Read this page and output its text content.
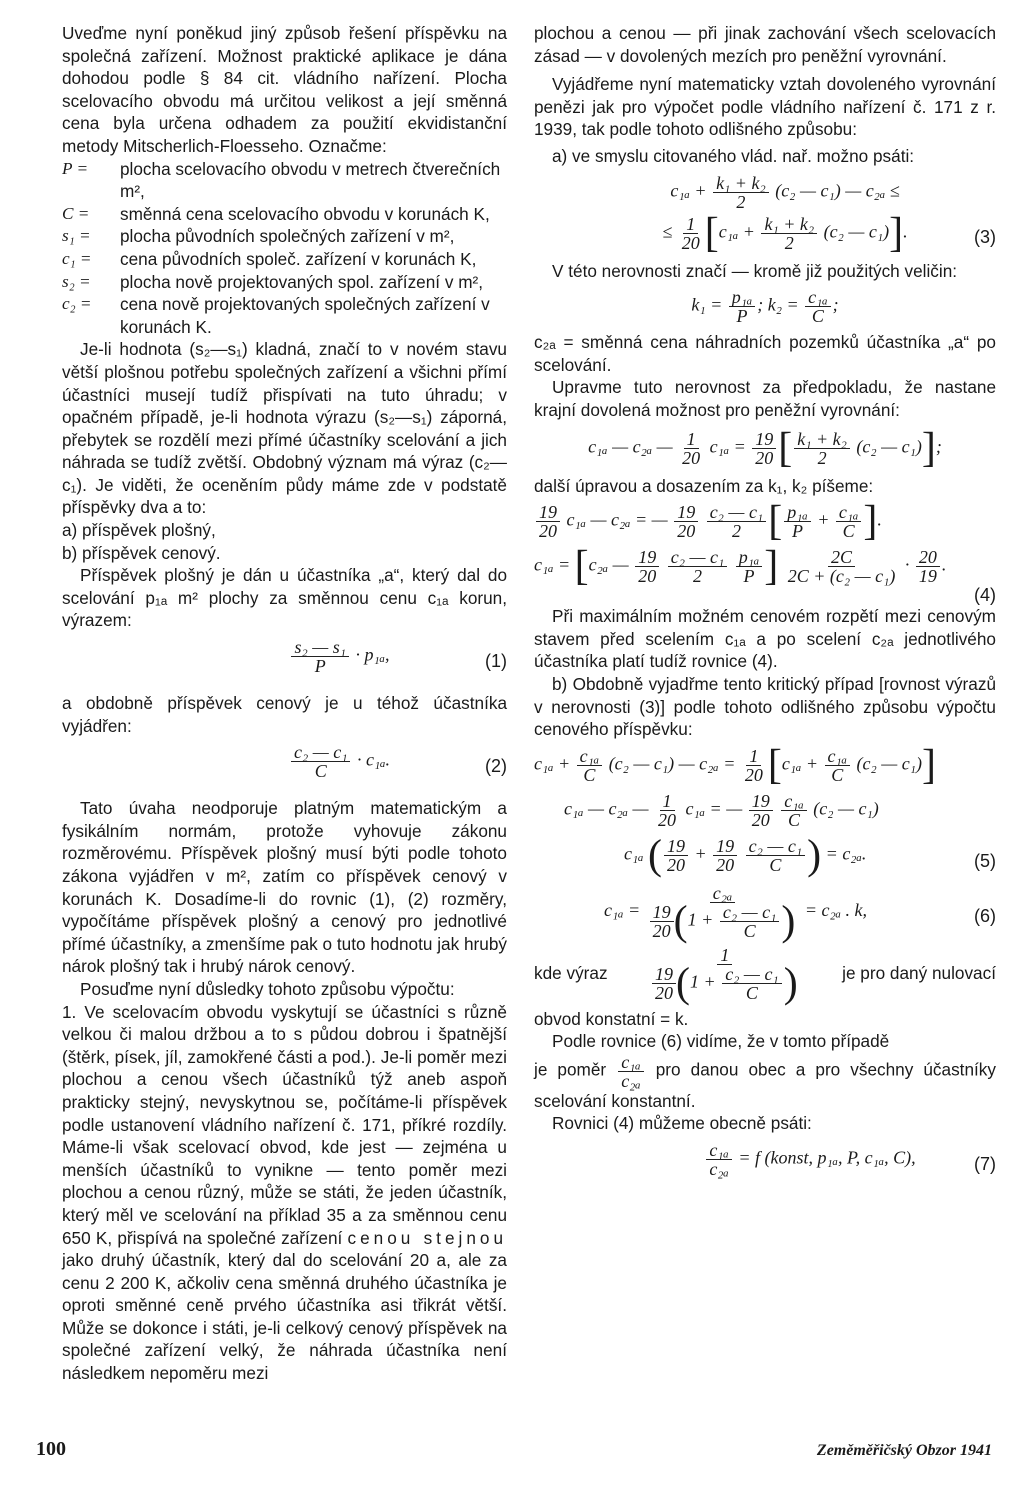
Uveďme nyní poněkud jiný způsob řešení příspěvku na společná zařízení. Možnost praktické aplikace je dána dohodou podle § 84 cit. vládního nařízení. Plocha scelovacího obvodu má určitou velikost a její směnná cena byla určena odhadem za použití ekvidistanční metody Mitscherlich-Floesseho. Označme:

P =	plocha scelovacího obvodu v metrech čtverečních m²,
C =	směnná cena scelovacího obvodu v korunách K,
s₁ =	plocha původních společných zařízení v m²,
c₁ =	cena původních společ. zařízení v korunách K,
s₂ =	plocha nově projektovaných spol. zařízení v m²,
c₂ =	cena nově projektovaných společných zařízení v korunách K.

Je-li hodnota (s₂—s₁) kladná, značí to v novém stavu větší plošnou potřebu společných zařízení a všichni přímí účastníci musejí tudíž přispívati na tuto úhradu; v opačném případě, je-li hodnota výrazu (s₂—s₁) záporná, přebytek se rozdělí mezi přímé účastníky scelování a jich náhrada se tudíž zvětší. Obdobný význam má výraz (c₂—c₁). Je viděti, že oceněním půdy máme zde v podstatě příspěvky dva a to:

a) příspěvek plošný,

b) příspěvek cenový.

Příspěvek plošný je dán u účastníka „a“, který dal do scelování p₁ₐ m² plochy za směnnou cenu c₁ₐ korun, výrazem:

$\frac{\text{s₂ — s₁}}{P} \cdot p_{1a}$,	(1)

a obdobně příspěvek cenový je u téhož účastníka vyjádřen:

$\frac{\text{c₂ — c₁}}{C} \cdot c_{1a}$.	(2)

Tato úvaha neodporuje platným matematickým a fysikálním normám, protože vyhovuje zákonu rozměrovému. Příspěvek plošný musí býti podle tohoto zákona vyjádřen v m², zatím co příspěvek cenový v korunách K. Dosadíme-li do rovnic (1), (2) rozměry, vypočítáme příspěvek plošný a cenový pro jednotlivé přímé účastníky, a zmenšíme pak o tuto hodnotu jak hrubý nárok plošný tak i hrubý nárok cenový.

Posuďme nyní důsledky tohoto způsobu výpočtu:

1. Ve scelovacím obvodu vyskytují se účastníci s různě velkou či malou držbou a to s půdou dobrou i špatnější (štěrk, písek, jíl, zamokřené části a pod.). Je-li poměr mezi plochou a cenou všech účastníků týž aneb aspoň prakticky stejný, nevyskytnou se, počítáme-li příspěvek podle ustanovení vládního nařízení č. 171, příkré rozdíly. Máme-li však scelovací obvod, kde jest — zejména u menších účastníků to vynikne — tento poměr mezi plochou a cenou různý, může se státi, že jeden účastník, který měl ve scelování na příklad 35 a za směnnou cenu 650 K, přispívá na společné zařízení cenou stejnou jako druhý účastník, který dal do scelování 20 a, ale za cenu 2 200 K, ačkoliv cena směnná druhého účastníka je oproti směnné ceně prvého účastníka asi třikrát větší. Může se dokonce i státi, je-li celkový cenový příspěvek na společné zařízení velký, že náhrada účastníka není následkem nepoměru mezi

plochou a cenou — při jinak zachování všech scelovacích zásad — v dovolených mezích pro peněžní vyrovnání.

Vyjádřeme nyní matematicky vztah dovoleného vyrovnání penězi jak pro výpočet podle vládního nařízení č. 171 z r. 1939, tak podle tohoto odlišného způsobu:

a) ve smyslu citovaného vlád. nař. možno psáti:

$c_{1a} + \frac{\text{k₁ + k₂}}{2} (c_2$ — c₁) — c₂ₐ ≤
≤ $\frac{1}{20} [c_{1a} + \frac{\text{k₁ + k₂}}{2} (c_2$ — c₁)].	(3)

V této nerovnosti značí — kromě již použitých veličin:

$k_1 = \frac{\text{p₁ₐ}}{P}$ ; $k_2 = \frac{\text{c₁ₐ}}{C}$ ;

c₂ₐ = směnná cena náhradních pozemků účastníka „a“ po scelování.

Upravme tuto nerovnost za předpokladu, že nastane krajní dovolená možnost pro peněžní vyrovnání:

c₁ₐ — c₂ₐ — $\frac{1}{20} c_{1a} = \frac{19}{20}$ [ $\frac{\text{k₁ + k₂}}{2} (c_2$ — c₁)];

další úpravou a dosazením za k₁, k₂ píšeme:

$\frac{19}{20} c_{1a}$ — c₂ₐ = — $\frac{19}{20}$
$\frac{\text{c₂ — c₁}}{2}$ [ $\frac{\text{p₁ₐ}}{P} + \frac{\text{c₁ₐ}}{C}$ ].
c₁ₐ = [c₂ₐ — $\frac{19}{20}$
$\frac{\text{c₂ — c₁}}{2}$
$\frac{\text{p₁ₐ}}{P}$ ] $\frac{2C}{\text{2C + (c₂ — c₁)}} \cdot \frac{20}{19}$ .
(4)

Při maximálním možném cenovém rozpětí mezi cenovým stavem před scelením c₁ₐ a po scelení c₂ₐ jednotlivého účastníka platí tudíž rovnice (4).

b) Obdobně vyjadřme tento kritický případ [rovnost výrazů v nerovnosti (3)] podle tohoto odlišného způsobu výpočtu cenového příspěvku:

$c_{1a} + \frac{\text{c₁ₐ}}{C} (c_2$ — c₁) — $c_{2a} = \frac{1}{20} [c_{1a} + \frac{\text{c₁ₐ}}{C} (c_2$ — c₁)]
c₁ₐ — c₂ₐ — $\frac{1}{20} c_{1a}$ = — $\frac{19}{20}$
$\frac{\text{c₁ₐ}}{C} (c_2$ — c₁)
c₁ₐ ( $\frac{19}{20} + \frac{19}{20}$
$\frac{\text{c₂ — c₁}}{C}$ ) = c₂ₐ.	(5)
$c_{1a} = \frac{\text{c₂ₐ}}{\frac{19}{20} (1 + \frac{\text{c₂ — c₁}}{C} )} = c_{2a}$ . k,	(6)
kde výraz $\frac{1}{\frac{19}{20} (1 + \frac{\text{c₂ — c₁}}{C} )}$ je pro daný nulovací

obvod konstatní = k.

Podle rovnice (6) vidíme, že v tomto případě

je poměr $\frac{\text{c₁ₐ}}{\text{c₂ₐ}}$ pro danou obec a pro všechny účastníky scelování konstantní.

Rovnici (4) můžeme obecně psáti:

$\frac{\text{c₁ₐ}}{\text{c₂ₐ}} = f$ (konst, p₁ₐ, P, c₁ₐ, C),	(7)
100	Zeměměřičský Obzor 1941
